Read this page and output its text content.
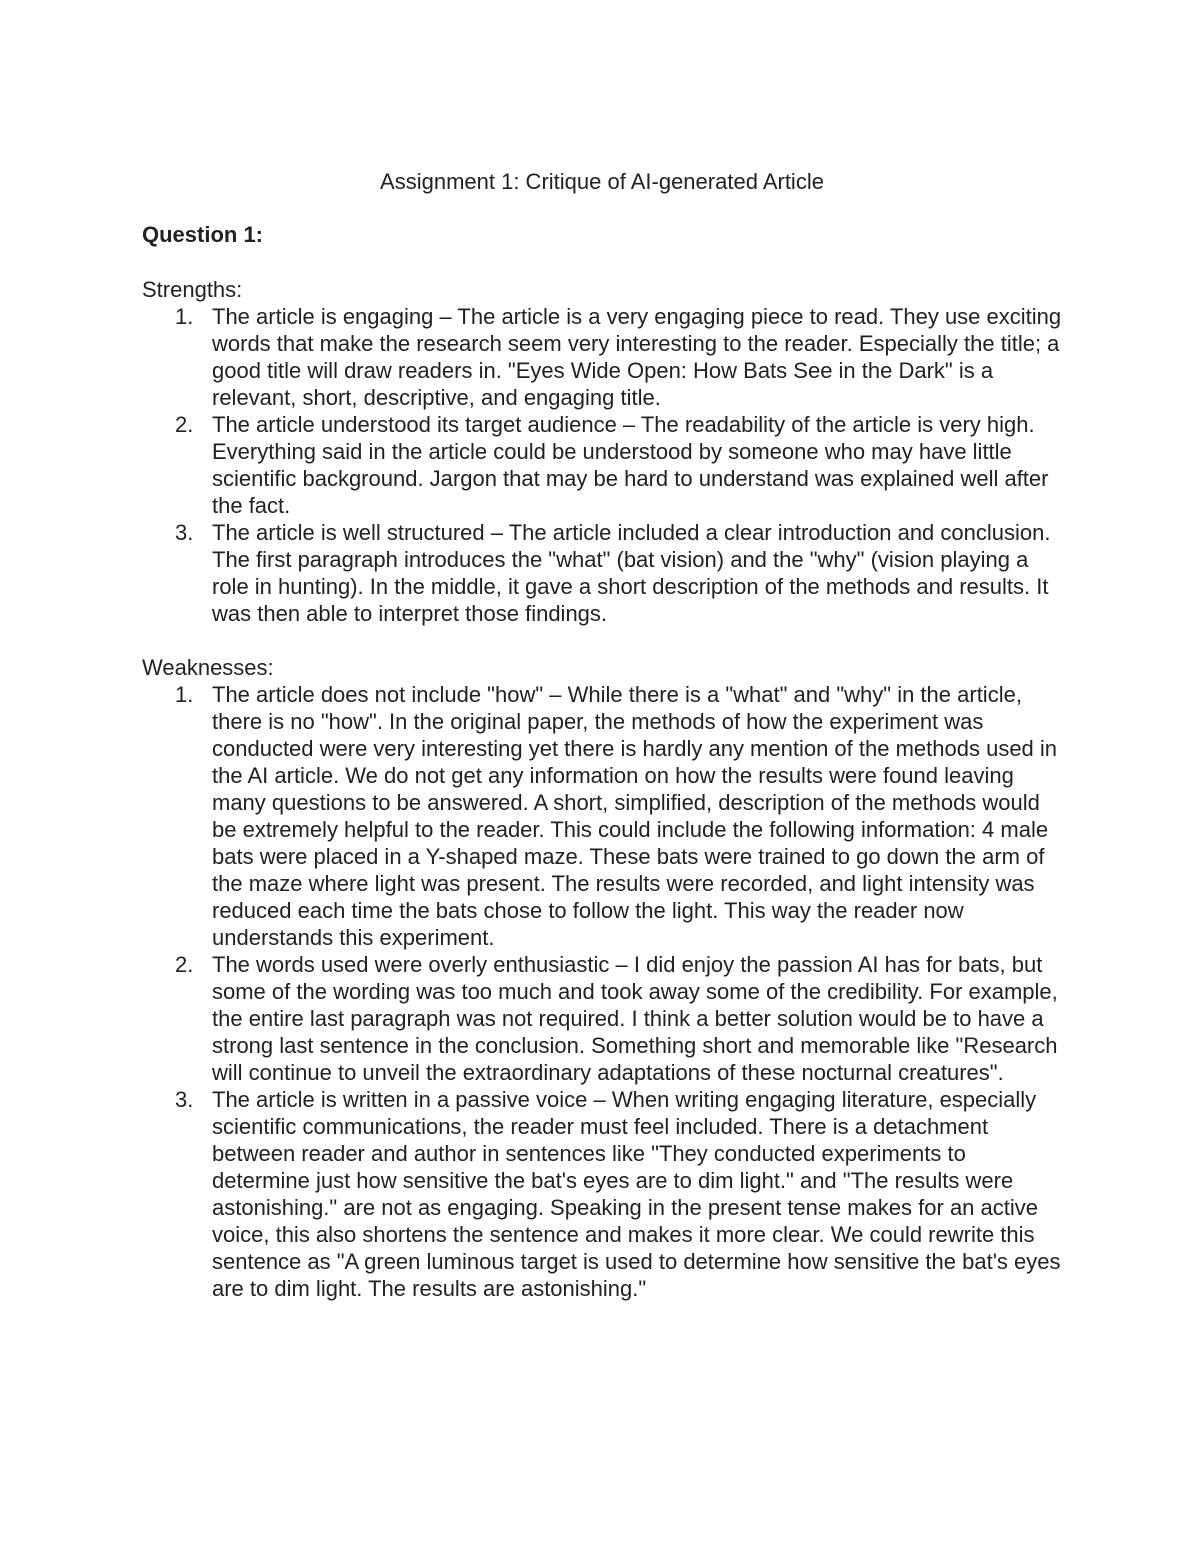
Assignment 1: Critique of AI-generated Article
Question 1:
Strengths:
1. The article is engaging – The article is a very engaging piece to read. They use exciting words that make the research seem very interesting to the reader. Especially the title; a good title will draw readers in. "Eyes Wide Open: How Bats See in the Dark" is a relevant, short, descriptive, and engaging title.
2. The article understood its target audience – The readability of the article is very high. Everything said in the article could be understood by someone who may have little scientific background. Jargon that may be hard to understand was explained well after the fact.
3. The article is well structured – The article included a clear introduction and conclusion. The first paragraph introduces the "what" (bat vision) and the "why" (vision playing a role in hunting). In the middle, it gave a short description of the methods and results. It was then able to interpret those findings.
Weaknesses:
1. The article does not include "how" – While there is a "what" and "why" in the article, there is no "how". In the original paper, the methods of how the experiment was conducted were very interesting yet there is hardly any mention of the methods used in the AI article. We do not get any information on how the results were found leaving many questions to be answered. A short, simplified, description of the methods would be extremely helpful to the reader. This could include the following information: 4 male bats were placed in a Y-shaped maze. These bats were trained to go down the arm of the maze where light was present. The results were recorded, and light intensity was reduced each time the bats chose to follow the light. This way the reader now understands this experiment.
2. The words used were overly enthusiastic – I did enjoy the passion AI has for bats, but some of the wording was too much and took away some of the credibility. For example, the entire last paragraph was not required. I think a better solution would be to have a strong last sentence in the conclusion. Something short and memorable like "Research will continue to unveil the extraordinary adaptations of these nocturnal creatures".
3. The article is written in a passive voice – When writing engaging literature, especially scientific communications, the reader must feel included. There is a detachment between reader and author in sentences like "They conducted experiments to determine just how sensitive the bat's eyes are to dim light." and "The results were astonishing." are not as engaging. Speaking in the present tense makes for an active voice, this also shortens the sentence and makes it more clear. We could rewrite this sentence as "A green luminous target is used to determine how sensitive the bat's eyes are to dim light. The results are astonishing."
